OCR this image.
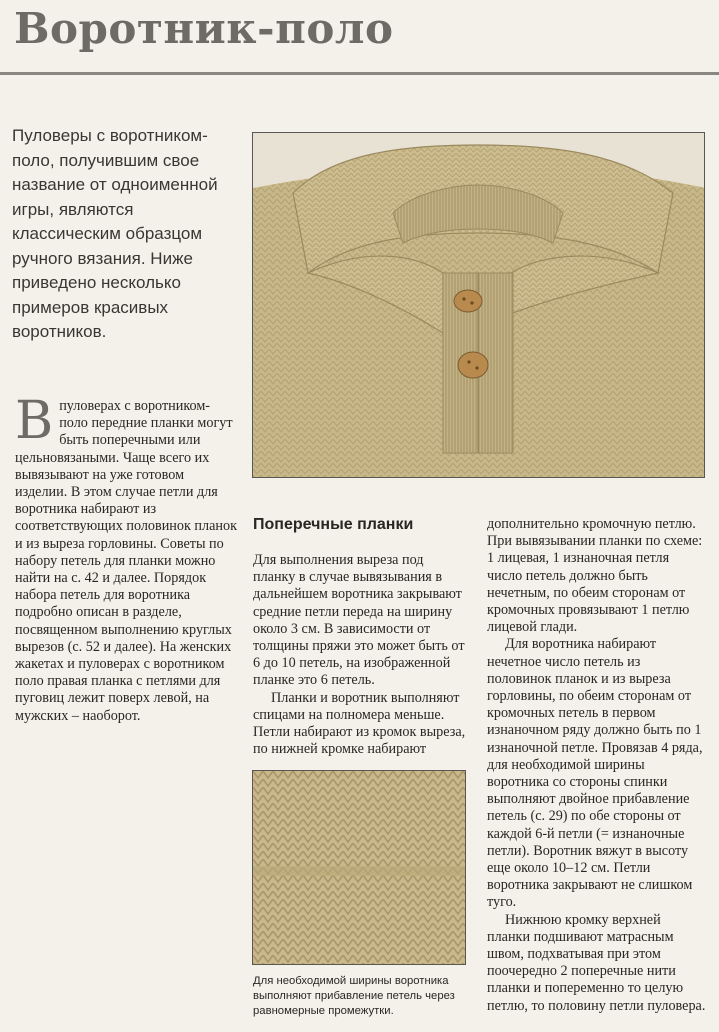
Воротник-поло

Пуловеры с воротником-поло, получившим свое название от одноименной игры, являются классическим образцом ручного вязания. Ниже приведено несколько примеров красивых воротников.

В пуловерах с воротником-поло передние планки могут быть поперечными или цельновязаными. Чаще всего их вывязывают на уже готовом изделии. В этом случае петли для воротника набирают из соответствующих половинок планок и из выреза горловины. Советы по набору петель для планки можно найти на с. 42 и далее. Порядок набора петель для воротника подробно описан в разделе, посвященном выполнению круглых вырезов (с. 52 и далее). На женских жакетах и пуловерах с воротником поло правая планка с петлями для пуговиц лежит поверх левой, на мужских – наоборот.
Поперечные планки

Для выполнения выреза под планку в случае вывязывания в дальнейшем воротника закрывают средние петли переда на ширину около 3 см. В зависимости от толщины пряжи это может быть от 6 до 10 петель, на изображенной планке это 6 петель.

Планки и воротник выполняют спицами на полномера меньше. Петли набирают из кромок выреза, по нижней кромке набирают

Для необходимой ширины воротника выполняют прибавление петель через равномерные промежутки.

дополнительно кромочную петлю. При вывязывании планки по схеме: 1 лицевая, 1 изнаночная петля число петель должно быть нечетным, по обеим сторонам от кромочных провязывают 1 петлю лицевой глади.

Для воротника набирают нечетное число петель из половинок планок и из выреза горловины, по обеим сторонам от кромочных петель в первом изнаночном ряду должно быть по 1 изнаночной петле. Провязав 4 ряда, для необходимой ширины воротника со стороны спинки выполняют двойное прибавление петель (с. 29) по обе стороны от каждой 6-й петли (= изнаночные петли). Воротник вяжут в высоту еще около 10–12 см. Петли воротника закрывают не слишком туго.

Нижнюю кромку верхней планки подшивают матрасным швом, подхватывая при этом поочередно 2 поперечные нити планки и попеременно то целую петлю, то половину петли пуловера.
